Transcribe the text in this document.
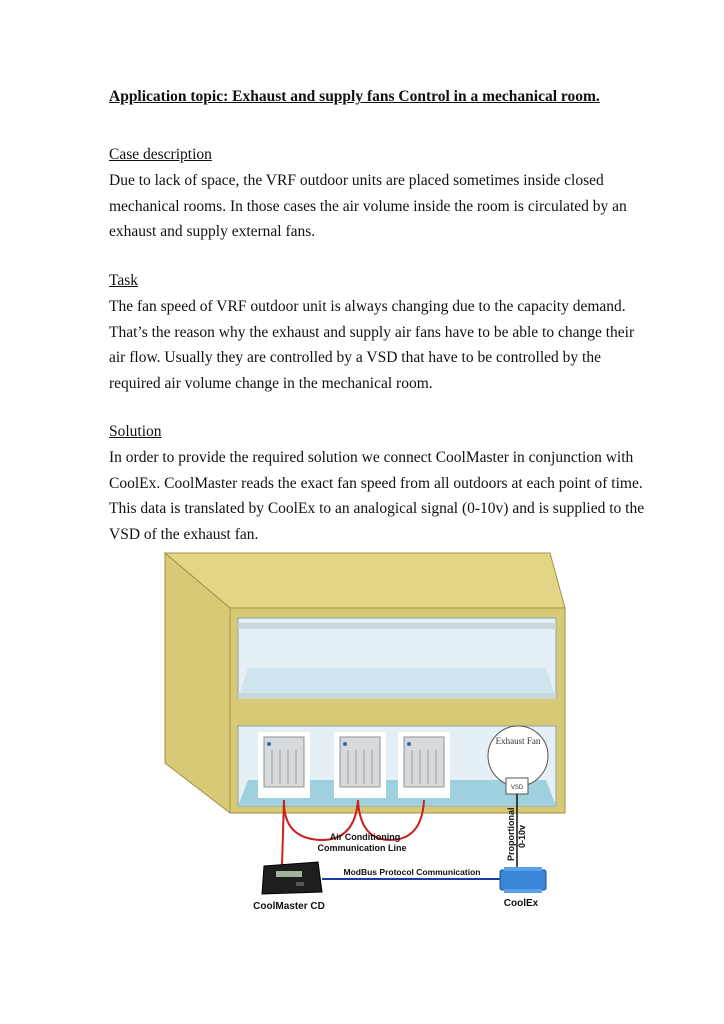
Application topic: Exhaust and supply fans Control in a mechanical room.
Case description
Due to lack of space, the VRF outdoor units are placed sometimes inside closed
mechanical rooms. In those cases the air volume inside the room is circulated by an
exhaust and supply external fans.
Task
The fan speed of VRF outdoor unit is always changing due to the capacity demand.
That’s the reason why the exhaust and supply air fans have to be able to change their
air flow. Usually they are controlled by a VSD that have to be controlled by the
required air volume change in the mechanical room.
Solution
In order to provide the required solution we connect CoolMaster in conjunction with
CoolEx. CoolMaster reads the exact fan speed from all outdoors at each point of time.
This data is translated by CoolEx to an analogical signal (0-10v) and is supplied to the
VSD of the exhaust fan.
Exhaust Fan
VSD
Air Conditioning
Communication Line	Proportional 0-10v
ModBus Protocol Communication
CoolMaster CD	CoolEx
